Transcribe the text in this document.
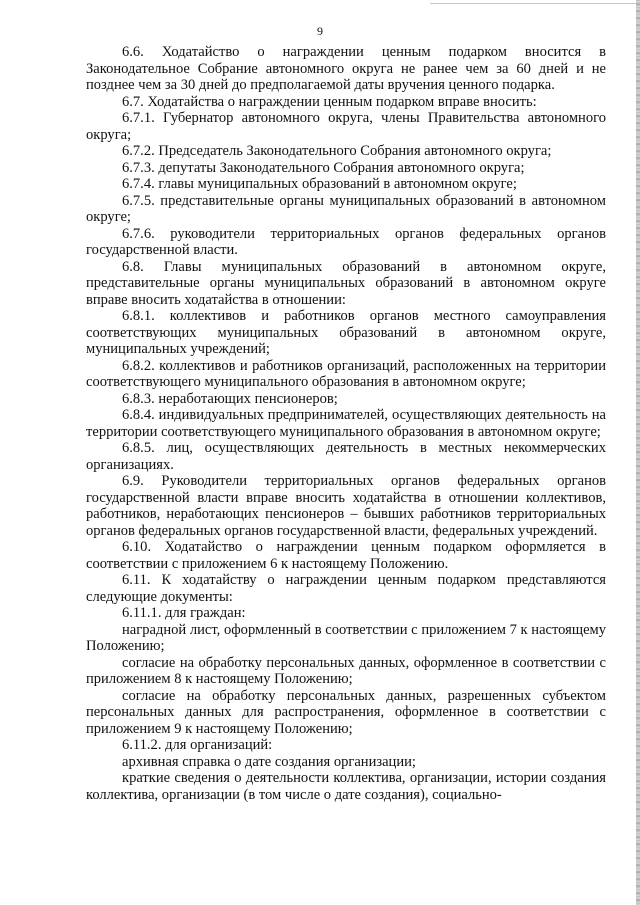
9

6.6. Ходатайство о награждении ценным подарком вносится в Законодательное Собрание автономного округа не ранее чем за 60 дней и не позднее чем за 30 дней до предполагаемой даты вручения ценного подарка.

6.7. Ходатайства о награждении ценным подарком вправе вносить:

6.7.1. Губернатор автономного округа, члены Правительства автономного округа;

6.7.2. Председатель Законодательного Собрания автономного округа;

6.7.3. депутаты Законодательного Собрания автономного округа;

6.7.4. главы муниципальных образований в автономном округе;

6.7.5. представительные органы муниципальных образований в автономном округе;

6.7.6. руководители территориальных органов федеральных органов государственной власти.

6.8. Главы муниципальных образований в автономном округе, представительные органы муниципальных образований в автономном округе вправе вносить ходатайства в отношении:

6.8.1. коллективов и работников органов местного самоуправления соответствующих муниципальных образований в автономном округе, муниципальных учреждений;

6.8.2. коллективов и работников организаций, расположенных на территории соответствующего муниципального образования в автономном округе;

6.8.3. неработающих пенсионеров;

6.8.4. индивидуальных предпринимателей, осуществляющих деятельность на территории соответствующего муниципального образования в автономном округе;

6.8.5. лиц, осуществляющих деятельность в местных некоммерческих организациях.

6.9. Руководители территориальных органов федеральных органов государственной власти вправе вносить ходатайства в отношении коллективов, работников, неработающих пенсионеров – бывших работников территориальных органов федеральных органов государственной власти, федеральных учреждений.

6.10. Ходатайство о награждении ценным подарком оформляется в соответствии с приложением 6 к настоящему Положению.

6.11. К ходатайству о награждении ценным подарком представляются следующие документы:

6.11.1. для граждан:

наградной лист, оформленный в соответствии с приложением 7 к настоящему Положению;

согласие на обработку персональных данных, оформленное в соответствии с приложением 8 к настоящему Положению;

согласие на обработку персональных данных, разрешенных субъектом персональных данных для распространения, оформленное в соответствии с приложением 9 к настоящему Положению;

6.11.2. для организаций:

архивная справка о дате создания организации;

краткие сведения о деятельности коллектива, организации, истории создания коллектива, организации (в том числе о дате создания), социально-
